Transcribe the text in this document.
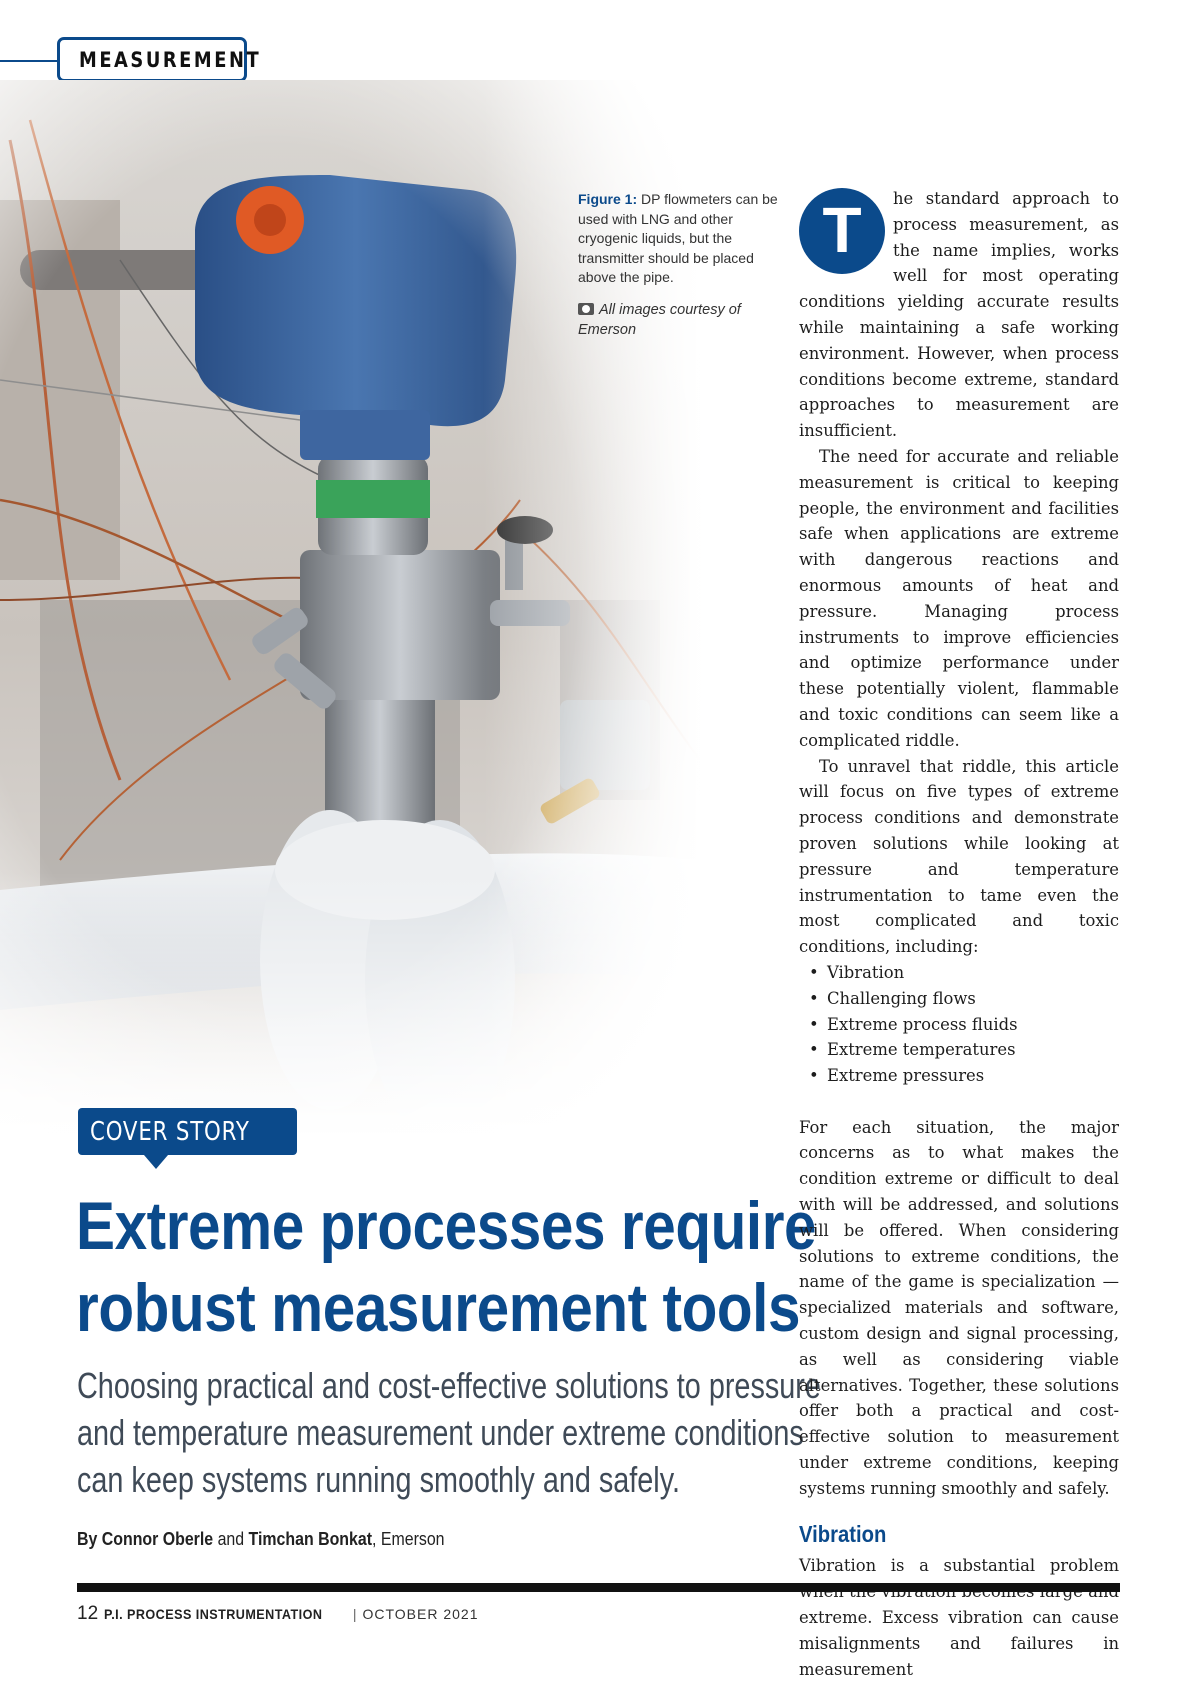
MEASUREMENT
Figure 1: DP flowmeters can be used with LNG and other cryogenic liquids, but the transmitter should be placed above the pipe.
All images courtesy of Emerson
COVER STORY
Extreme processes require
robust measurement tools
Choosing practical and cost-effective solutions to pressure
and temperature measurement under extreme conditions
can keep systems running smoothly and safely.
By Connor Oberle and Timchan Bonkat, Emerson

T	he standard approach to process measurement, as the name implies, works well for most operating conditions yielding accurate results while maintaining a safe working environment. However, when process conditions become extreme, standard approaches to measurement are insufficient.

The need for accurate and reliable measurement is critical to keeping people, the environment and facilities safe when applications are extreme with dangerous reactions and enormous amounts of heat and pressure. Managing process instruments to improve efficiencies and optimize performance under these potentially violent, flammable and toxic conditions can seem like a complicated riddle.

To unravel that riddle, this article will focus on five types of extreme process conditions and demonstrate proven solutions while looking at pressure and temperature instrumentation to tame even the most complicated and toxic conditions, including:

• Vibration
• Challenging flows
• Extreme process fluids
• Extreme temperatures
• Extreme pressures

For each situation, the major concerns as to what makes the condition extreme or difficult to deal with will be addressed, and solutions will be offered. When considering solutions to extreme conditions, the name of the game is specialization — specialized materials and software, custom design and signal processing, as well as considering viable alternatives. Together, these solutions offer both a practical and cost-effective solution to measurement under extreme conditions, keeping systems running smoothly and safely.

Vibration

Vibration is a substantial problem extreme. Excess vibration can cause misalignments and failures in measurement

12 P.I. PROCESS INSTRUMENTATION | OCTOBER 2021
